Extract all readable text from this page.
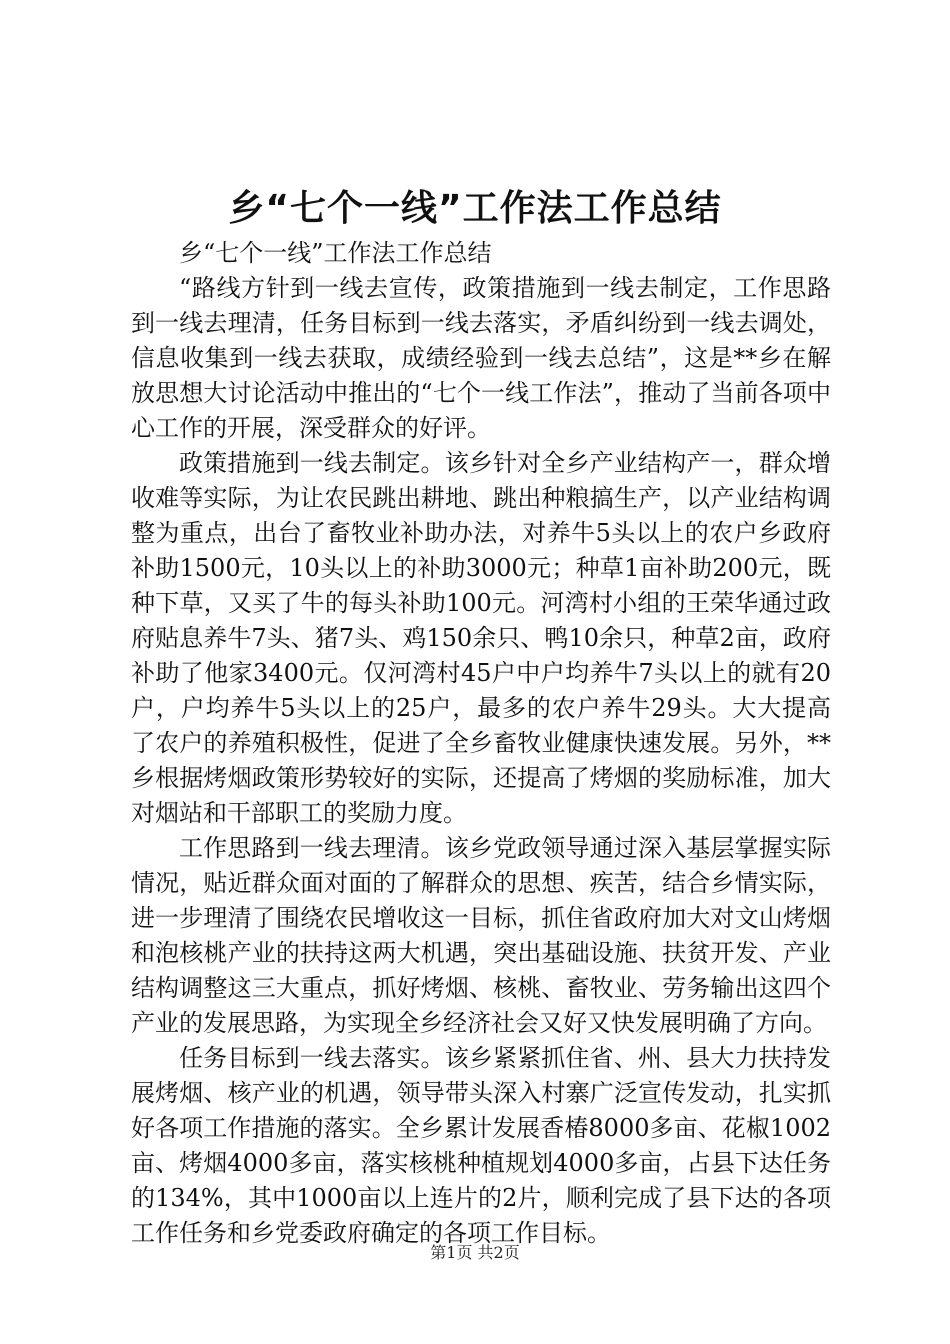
乡“七个一线”工作法工作总结

乡“七个一线”工作法工作总结

“路线方针到一线去宣传，政策措施到一线去制定，工作思路到一线去理清，任务目标到一线去落实，矛盾纠纷到一线去调处，信息收集到一线去获取，成绩经验到一线去总结”，这是**乡在解放思想大讨论活动中推出的“七个一线工作法”，推动了当前各项中心工作的开展，深受群众的好评。

政策措施到一线去制定。该乡针对全乡产业结构产一，群众增收难等实际，为让农民跳出耕地、跳出种粮搞生产，以产业结构调整为重点，出台了畜牧业补助办法，对养牛5头以上的农户乡政府补助1500元，10头以上的补助3000元；种草1亩补助200元，既种下草，又买了牛的每头补助100元。河湾村小组的王荣华通过政府贴息养牛7头、猪7头、鸡150余只、鸭10余只，种草2亩，政府补助了他家3400元。仅河湾村45户中户均养牛7头以上的就有20户，户均养牛5头以上的25户，最多的农户养牛29头。大大提高了农户的养殖积极性，促进了全乡畜牧业健康快速发展。另外，**乡根据烤烟政策形势较好的实际，还提高了烤烟的奖励标准，加大对烟站和干部职工的奖励力度。

工作思路到一线去理清。该乡党政领导通过深入基层掌握实际情况，贴近群众面对面的了解群众的思想、疾苦，结合乡情实际，进一步理清了围绕农民增收这一目标，抓住省政府加大对文山烤烟和泡核桃产业的扶持这两大机遇，突出基础设施、扶贫开发、产业结构调整这三大重点，抓好烤烟、核桃、畜牧业、劳务输出这四个产业的发展思路，为实现全乡经济社会又好又快发展明确了方向。

任务目标到一线去落实。该乡紧紧抓住省、州、县大力扶持发展烤烟、核产业的机遇，领导带头深入村寨广泛宣传发动，扎实抓好各项工作措施的落实。全乡累计发展香椿8000多亩、花椒1002亩、烤烟4000多亩，落实核桃种植规划4000多亩，占县下达任务的134%，其中1000亩以上连片的2片，顺利完成了县下达的各项工作任务和乡党委政府确定的各项工作目标。

第1页 共2页
